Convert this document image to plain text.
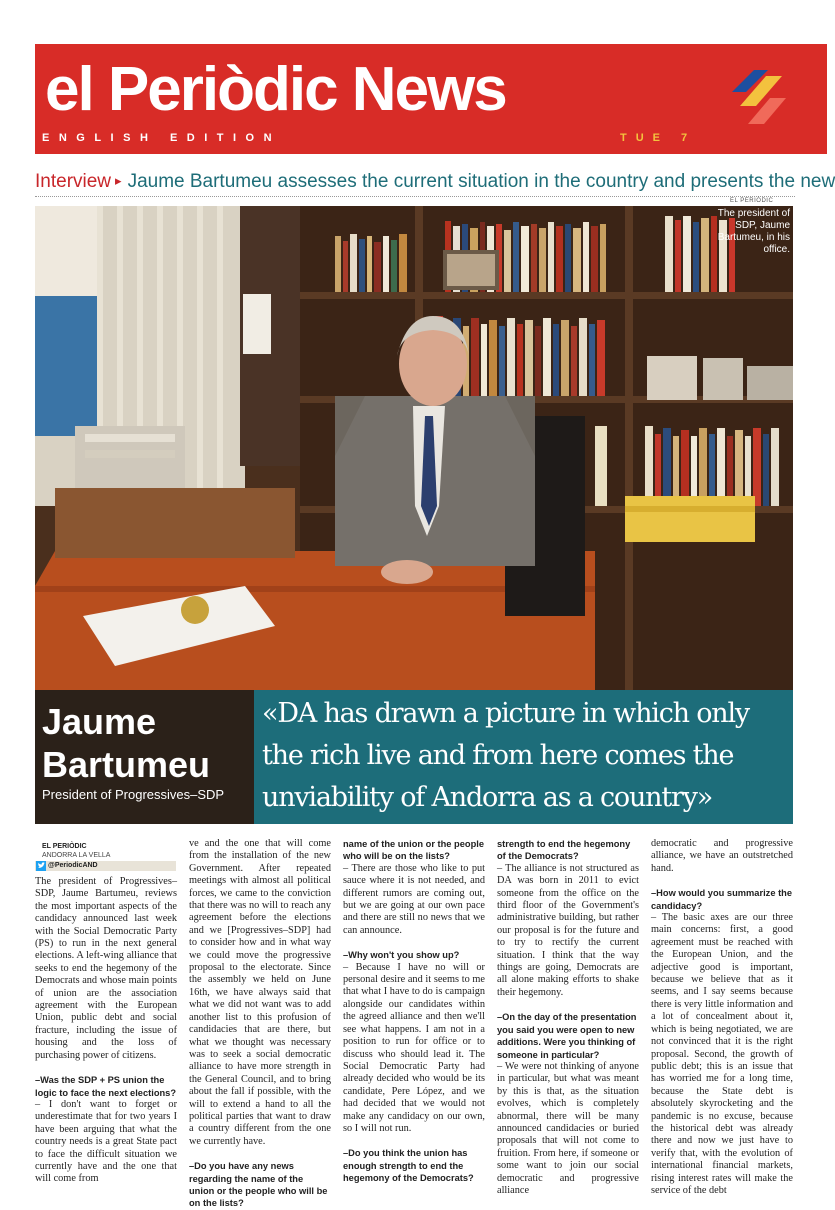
el Periòdic News
ENGLISH EDITION	TUE 7
Interview ▸ Jaume Bartumeu assesses the current situation in the country and presents the new
EL PERIÒDIC
The president of SDP, Jaume Bartumeu, in his office.
Jaume Bartumeu
President of Progressives–SDP
«DA has drawn a picture in which only the rich live and from here comes the unviability of Andorra as a country»
EL PERIÒDIC
ANDORRA LA VELLA
@PeriodicAND

The president of Progressives–SDP, Jaume Bartumeu, reviews the most important aspects of the candidacy announced last week with the Social Democratic Party (PS) to run in the next general elections. A left-wing alliance that seeks to end the hegemony of the Democrats and whose main points of union are the association agreement with the European Union, public debt and social fracture, including the issue of housing and the loss of purchasing power of citizens.

–Was the SDP + PS union the logic to face the next elections?

– I don't want to forget or underestimate that for two years I have been arguing that what the country needs is a great State pact to face the difficult situation we currently have and the one that will come from

ve and the one that will come from the installation of the new Government. After repeated meetings with almost all political forces, we came to the conviction that there was no will to reach any agreement before the elections and we [Progressives–SDP] had to consider how and in what way we could move the progressive proposal to the electorate. Since the assembly we held on June 16th, we have always said that what we did not want was to add another list to this profusion of candidacies that are there, but what we thought was necessary was to seek a social democratic alliance to have more strength in the General Council, and to bring about the fall if possible, with the will to extend a hand to all the political parties that want to draw a country different from the one we currently have.

–Do you have any news regarding the name of the union or the people who will be on the lists?

name of the union or the people who will be on the lists?

– There are those who like to put sauce where it is not needed, and different rumors are coming out, but we are going at our own pace and there are still no news that we can announce.

–Why won't you show up?

– Because I have no will or personal desire and it seems to me that what I have to do is campaign alongside our candidates within the agreed alliance and then we'll see what happens. I am not in a position to run for office or to discuss who should lead it. The Social Democratic Party had already decided who would be its candidate, Pere López, and we had decided that we would not make any candidacy on our own, so I will not run.

–Do you think the union has enough strength to end the hegemony of the Democrats?

strength to end the hegemony of the Democrats?

– The alliance is not structured as DA was born in 2011 to evict someone from the office on the third floor of the Government's administrative building, but rather our proposal is for the future and to try to rectify the current situation. I think that the way things are going, Democrats are all alone making efforts to shake their hegemony.

–On the day of the presentation you said you were open to new additions. Were you thinking of someone in particular?

– We were not thinking of anyone in particular, but what was meant by this is that, as the situation evolves, which is completely abnormal, there will be many announced candidacies or buried proposals that will not come to fruition. From here, if someone or some want to join our social democratic and progressive alliance

democratic and progressive alliance, we have an outstretched hand.

–How would you summarize the candidacy?

– The basic axes are our three main concerns: first, a good agreement must be reached with the European Union, and the adjective good is important, because we believe that as it seems, and I say seems because there is very little information and a lot of concealment about it, which is being negotiated, we are not convinced that it is the right proposal. Second, the growth of public debt; this is an issue that has worried me for a long time, because the State debt is absolutely skyrocketing and the pandemic is no excuse, because the historical debt was already there and now we just have to verify that, with the evolution of international financial markets, rising interest rates will make the service of the debt
